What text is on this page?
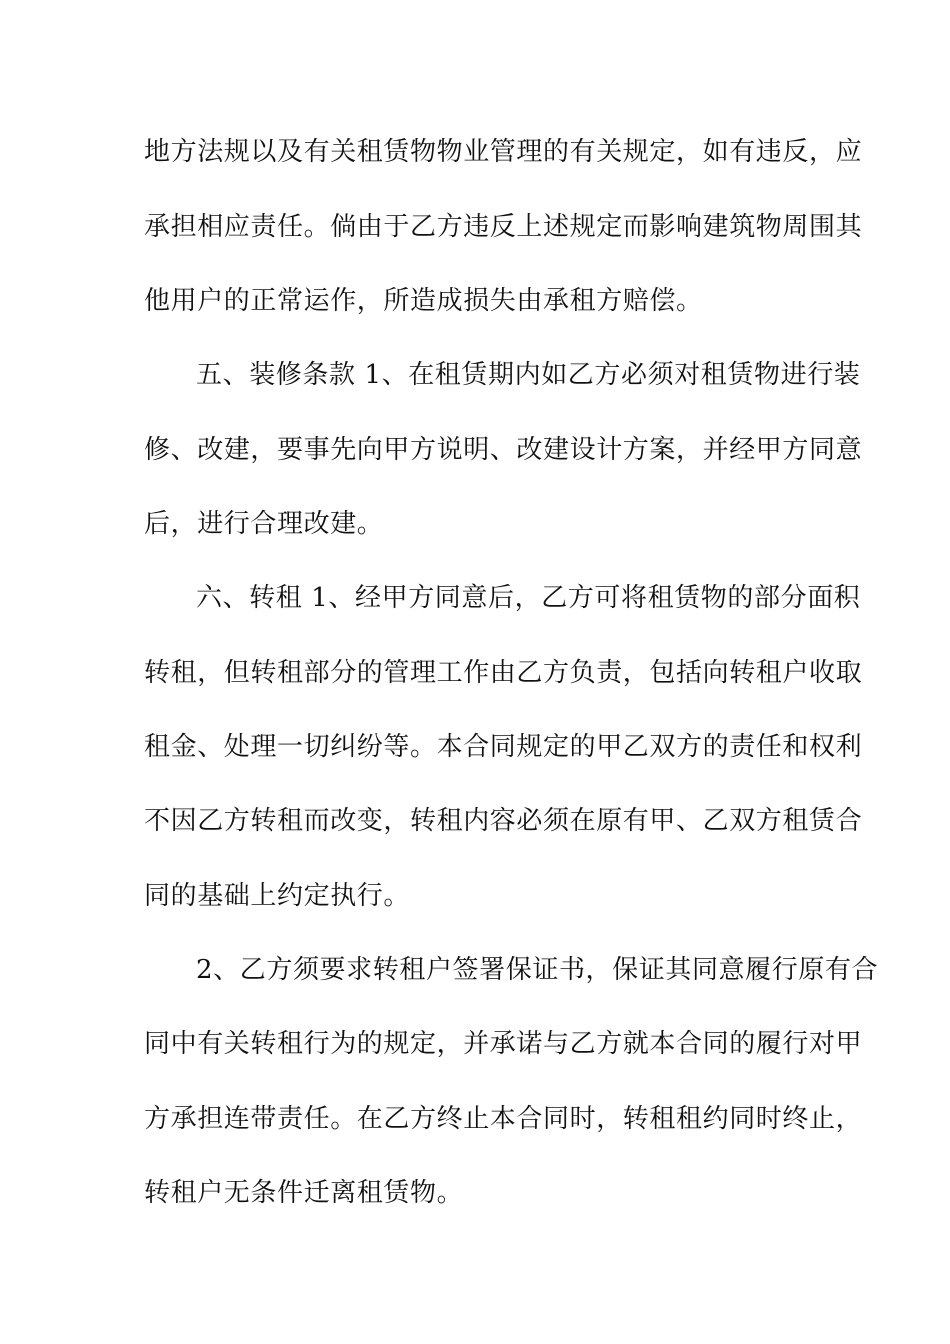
地方法规以及有关租赁物物业管理的有关规定，如有违反，应
承担相应责任。倘由于乙方违反上述规定而影响建筑物周围其
他用户的正常运作，所造成损失由承租方赔偿。
五、装修条款 1、在租赁期内如乙方必须对租赁物进行装
修、改建，要事先向甲方说明、改建设计方案，并经甲方同意
后，进行合理改建。
六、转租 1、经甲方同意后，乙方可将租赁物的部分面积
转租，但转租部分的管理工作由乙方负责，包括向转租户收取
租金、处理一切纠纷等。本合同规定的甲乙双方的责任和权利
不因乙方转租而改变，转租内容必须在原有甲、乙双方租赁合
同的基础上约定执行。
2、乙方须要求转租户签署保证书，保证其同意履行原有合
同中有关转租行为的规定，并承诺与乙方就本合同的履行对甲
方承担连带责任。在乙方终止本合同时，转租租约同时终止，
转租户无条件迁离租赁物。
